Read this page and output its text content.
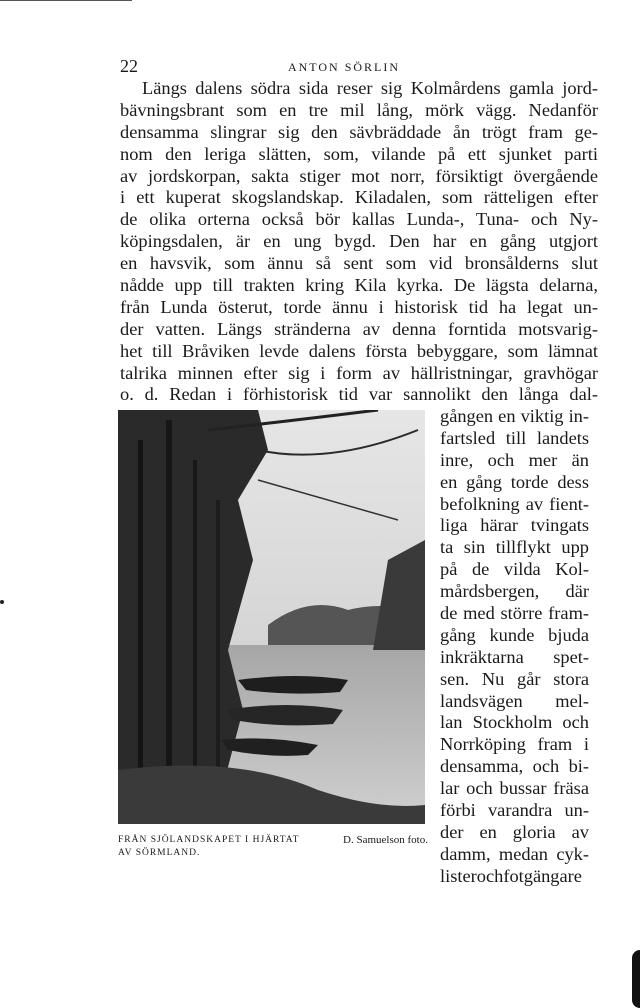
22	ANTON SÖRLIN
Längs dalens södra sida reser sig Kolmårdens gamla jord-
bävningsbrant som en tre mil lång, mörk vägg. Nedanför
densamma slingrar sig den sävbräddade ån trögt fram ge-
nom den leriga slätten, som, vilande på ett sjunket parti
av jordskorpan, sakta stiger mot norr, försiktigt övergående
i ett kuperat skogslandskap. Kiladalen, som rätteligen efter
de olika orterna också bör kallas Lunda-, Tuna- och Ny-
köpingsdalen, är en ung bygd. Den har en gång utgjort
en havsvik, som ännu så sent som vid bronsålderns slut
nådde upp till trakten kring Kila kyrka. De lägsta delarna,
från Lunda österut, torde ännu i historisk tid ha legat un-
der vatten. Längs stränderna av denna forntida motsvarig-
het till Bråviken levde dalens första bebyggare, som lämnat
talrika minnen efter sig i form av hällristningar, gravhögar
o. d. Redan i förhistorisk tid var sannolikt den långa dal-
FRÅN SJÖLANDSKAPET I HJÄRTAT
AV SÖRMLAND.
D. Samuelson foto.
gången en viktig in-
fartsled till landets
inre, och mer än
en gång torde dess
befolkning av fient-
liga härar tvingats
ta sin tillflykt upp
på de vilda Kol-
mårdsbergen, där
de med större fram-
gång kunde bjuda
inkräktarna spet-
sen. Nu går stora
landsvägen mel-
lan Stockholm och
Norrköping fram i
densamma, och bi-
lar och bussar fräsa
förbi varandra un-
der en gloria av
damm, medan cyk-
listerochfotgängare
